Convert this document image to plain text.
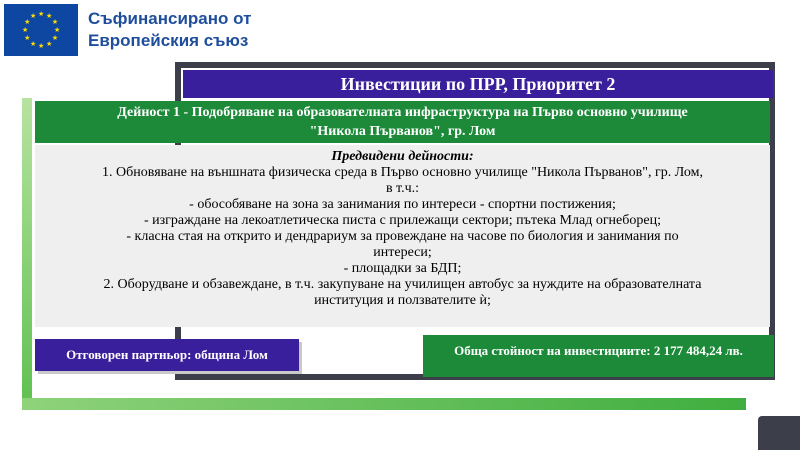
★ ★
★
★
★
★
★
★
★
★
★
★	Съфинансирано от
Европейския съюз
Инвестиции по ПРР, Приоритет 2
Дейност 1 - Подобряване на образователната инфраструктура на Първо основно училище
"Никола Първанов", гр. Лом

Предвидени дейности:

1. Обновяване на външната физическа среда в Първо основно училище "Никола Първанов", гр. Лом,

в т.ч.:

- обособяване на зона за занимания по интереси - спортни постижения;

- изграждане на лекоатлетическа писта с прилежащи сектори; пътека Млад огнеборец;

- класна стая на открито и дендрариум за провеждане на часове по биология и занимания по

интереси;

- площадки за БДП;

2. Оборудване и обзавеждане, в т.ч. закупуване на училищен автобус за нуждите на образователната

институция и ползвателите ѝ;

Отговорен партньор: община Лом	Обща стойност на инвестициите: 2 177 484,24 лв.
